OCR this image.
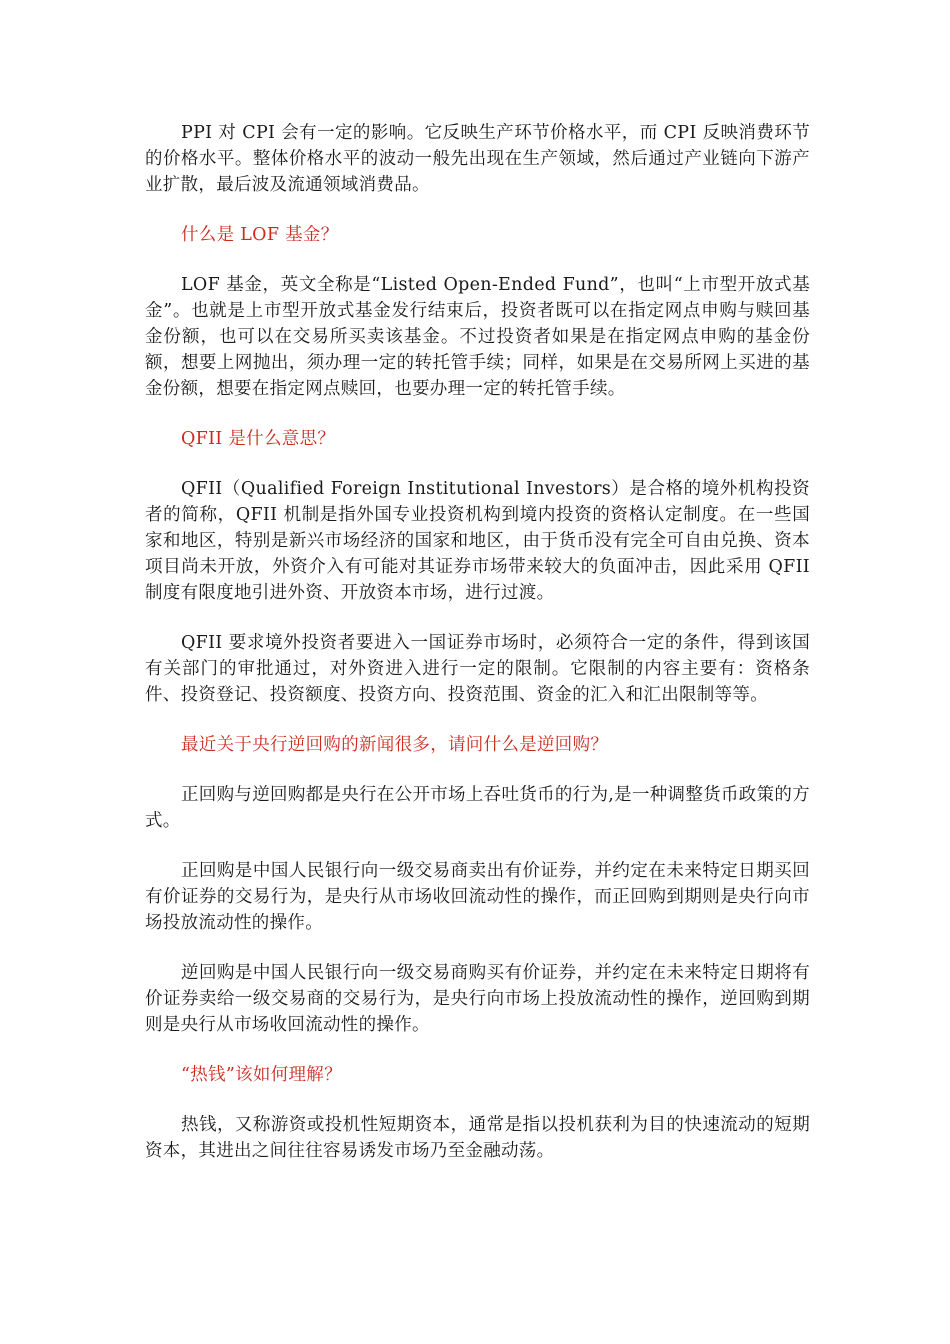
PPI 对 CPI 会有一定的影响。它反映生产环节价格水平，而 CPI 反映消费环节的价格水平。整体价格水平的波动一般先出现在生产领域，然后通过产业链向下游产业扩散，最后波及流通领域消费品。

什么是 LOF 基金？

LOF 基金，英文全称是“Listed Open-Ended Fund”，也叫“上市型开放式基金”。也就是上市型开放式基金发行结束后，投资者既可以在指定网点申购与赎回基金份额，也可以在交易所买卖该基金。不过投资者如果是在指定网点申购的基金份额，想要上网抛出，须办理一定的转托管手续；同样，如果是在交易所网上买进的基金份额，想要在指定网点赎回，也要办理一定的转托管手续。

QFII 是什么意思？

QFII（Qualified Foreign Institutional Investors）是合格的境外机构投资者的简称，QFII 机制是指外国专业投资机构到境内投资的资格认定制度。在一些国家和地区，特别是新兴市场经济的国家和地区，由于货币没有完全可自由兑换、资本项目尚未开放，外资介入有可能对其证券市场带来较大的负面冲击，因此采用 QFII 制度有限度地引进外资、开放资本市场，进行过渡。

QFII 要求境外投资者要进入一国证券市场时，必须符合一定的条件，得到该国有关部门的审批通过，对外资进入进行一定的限制。它限制的内容主要有：资格条件、投资登记、投资额度、投资方向、投资范围、资金的汇入和汇出限制等等。

最近关于央行逆回购的新闻很多，请问什么是逆回购？

正回购与逆回购都是央行在公开市场上吞吐货币的行为,是一种调整货币政策的方式。

正回购是中国人民银行向一级交易商卖出有价证券，并约定在未来特定日期买回有价证券的交易行为，是央行从市场收回流动性的操作，而正回购到期则是央行向市场投放流动性的操作。

逆回购是中国人民银行向一级交易商购买有价证券，并约定在未来特定日期将有价证券卖给一级交易商的交易行为，是央行向市场上投放流动性的操作，逆回购到期则是央行从市场收回流动性的操作。

“热钱”该如何理解？

热钱，又称游资或投机性短期资本，通常是指以投机获利为目的快速流动的短期资本，其进出之间往往容易诱发市场乃至金融动荡。
